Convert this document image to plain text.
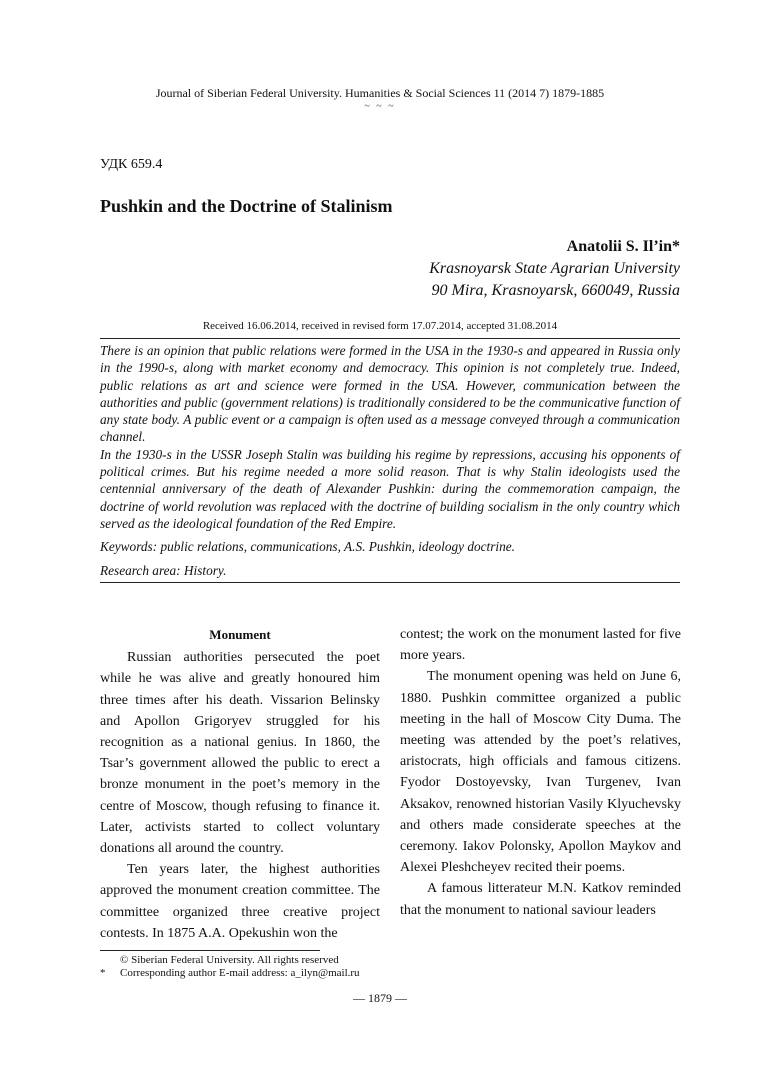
Journal of Siberian Federal University. Humanities & Social Sciences 11 (2014 7) 1879-1885
~ ~ ~
УДК 659.4
Pushkin and the Doctrine of Stalinism
Anatolii S. Il’in*
Krasnoyarsk State Agrarian University
90 Mira, Krasnoyarsk, 660049, Russia
Received 16.06.2014, received in revised form 17.07.2014, accepted 31.08.2014

There is an opinion that public relations were formed in the USA in the 1930-s and appeared in Russia only in the 1990-s, along with market economy and democracy. This opinion is not completely true. Indeed, public relations as art and science were formed in the USA. However, communication between the authorities and public (government relations) is traditionally considered to be the communicative function of any state body. A public event or a campaign is often used as a message conveyed through a communication channel.

In the 1930-s in the USSR Joseph Stalin was building his regime by repressions, accusing his opponents of political crimes. But his regime needed a more solid reason. That is why Stalin ideologists used the centennial anniversary of the death of Alexander Pushkin: during the commemoration campaign, the doctrine of world revolution was replaced with the doctrine of building socialism in the only country which served as the ideological foundation of the Red Empire.

Keywords: public relations, communications, A.S. Pushkin, ideology doctrine.
Research area: History.
Monument

Russian authorities persecuted the poet while he was alive and greatly honoured him three times after his death. Vissarion Belinsky and Apollon Grigoryev struggled for his recognition as a national genius. In 1860, the Tsar’s government allowed the public to erect a bronze monument in the poet’s memory in the centre of Moscow, though refusing to finance it. Later, activists started to collect voluntary donations all around the country.

Ten years later, the highest authorities approved the monument creation committee. The committee organized three creative project contests. In 1875 A.A. Opekushin won the

contest; the work on the monument lasted for five more years.

The monument opening was held on June 6, 1880. Pushkin committee organized a public meeting in the hall of Moscow City Duma. The meeting was attended by the poet’s relatives, aristocrats, high officials and famous citizens. Fyodor Dostoyevsky, Ivan Turgenev, Ivan Aksakov, renowned historian Vasily Klyuchevsky and others made considerate speeches at the ceremony. Iakov Polonsky, Apollon Maykov and Alexei Pleshcheyev recited their poems.

A famous litterateur M.N. Katkov reminded that the monument to national saviour leaders

© Siberian Federal University. All rights reserved
* Corresponding author E-mail address: a_ilyn@mail.ru
— 1879 —
